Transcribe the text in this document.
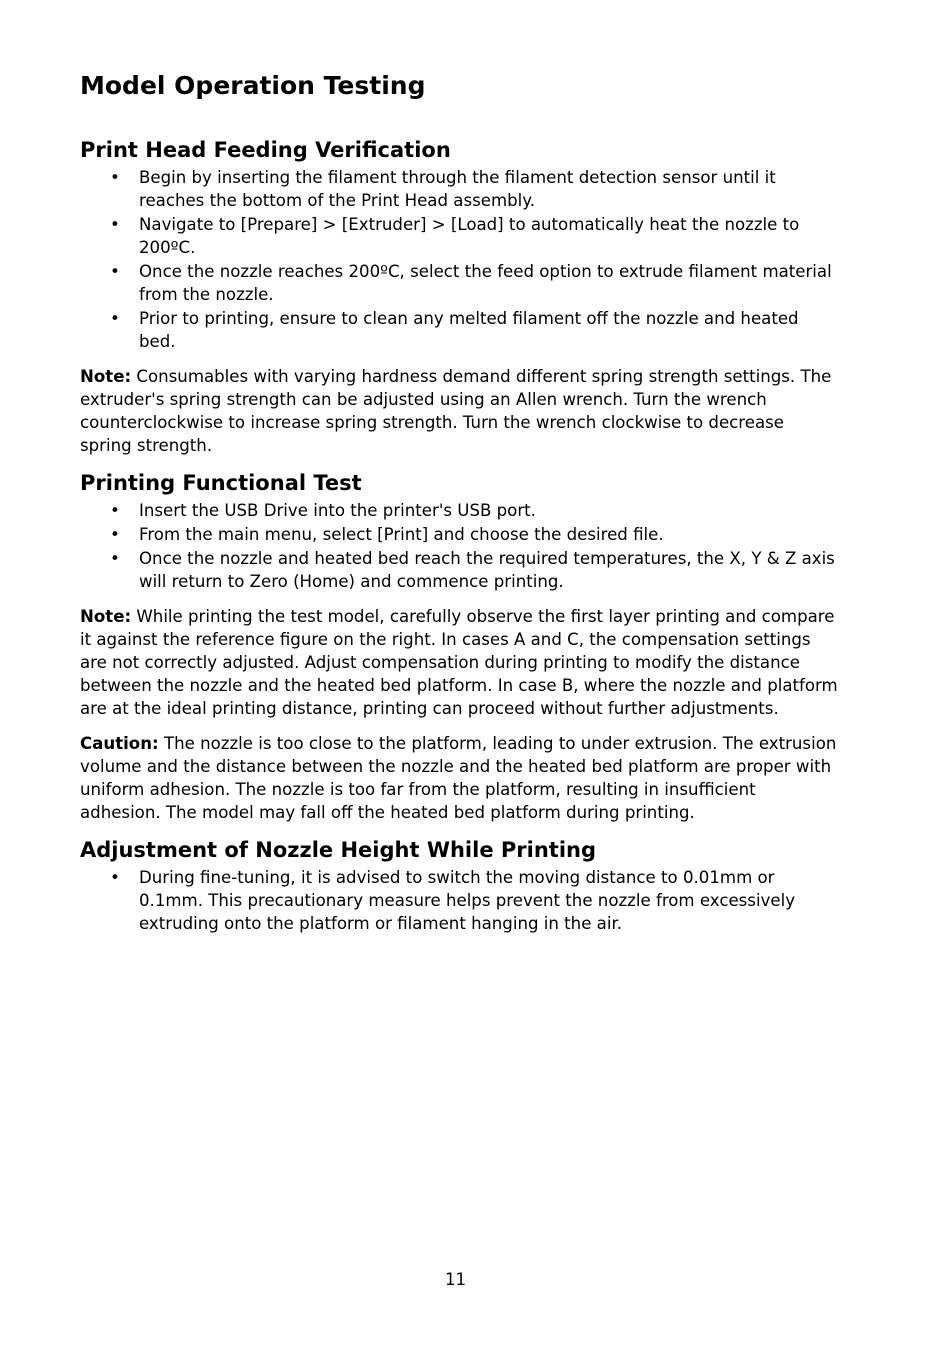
Model Operation Testing
Print Head Feeding Verification
• Begin by inserting the filament through the filament detection sensor until it reaches the bottom of the Print Head assembly.
• Navigate to [Prepare] > [Extruder] > [Load] to automatically heat the nozzle to 200ºC.
• Once the nozzle reaches 200ºC, select the feed option to extrude filament material from the nozzle.
• Prior to printing, ensure to clean any melted filament off the nozzle and heated bed.

Note: Consumables with varying hardness demand different spring strength settings. The extruder's spring strength can be adjusted using an Allen wrench. Turn the wrench counterclockwise to increase spring strength. Turn the wrench clockwise to decrease spring strength.

Printing Functional Test
• Insert the USB Drive into the printer's USB port.
• From the main menu, select [Print] and choose the desired file.
• Once the nozzle and heated bed reach the required temperatures, the X, Y & Z axis will return to Zero (Home) and commence printing.

Note: While printing the test model, carefully observe the first layer printing and compare it against the reference figure on the right. In cases A and C, the compensation settings are not correctly adjusted. Adjust compensation during printing to modify the distance between the nozzle and the heated bed platform. In case B, where the nozzle and platform are at the ideal printing distance, printing can proceed without further adjustments.

Caution: The nozzle is too close to the platform, leading to under extrusion. The extrusion volume and the distance between the nozzle and the heated bed platform are proper with uniform adhesion. The nozzle is too far from the platform, resulting in insufficient adhesion. The model may fall off the heated bed platform during printing.

Adjustment of Nozzle Height While Printing
• During fine-tuning, it is advised to switch the moving distance to 0.01mm or 0.1mm. This precautionary measure helps prevent the nozzle from excessively extruding onto the platform or filament hanging in the air.
11
